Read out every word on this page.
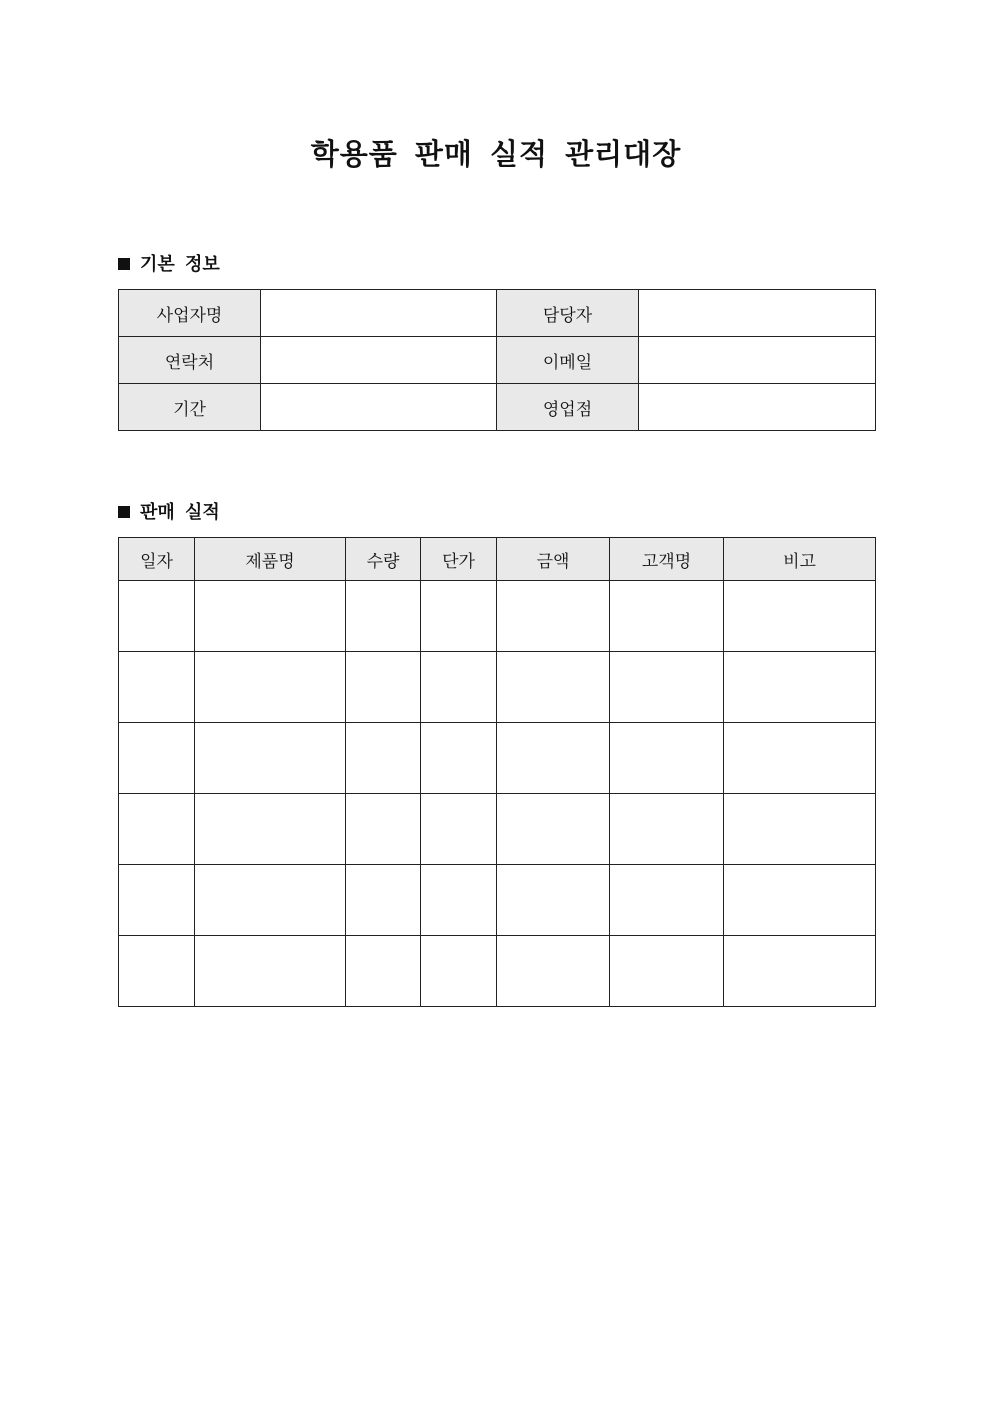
학용품 판매 실적 관리대장
기본 정보
사업자명		담당자	
연락처		이메일	
기간		영업점	
판매 실적
일자	제품명	수량	단가	금액	고객명	비고
